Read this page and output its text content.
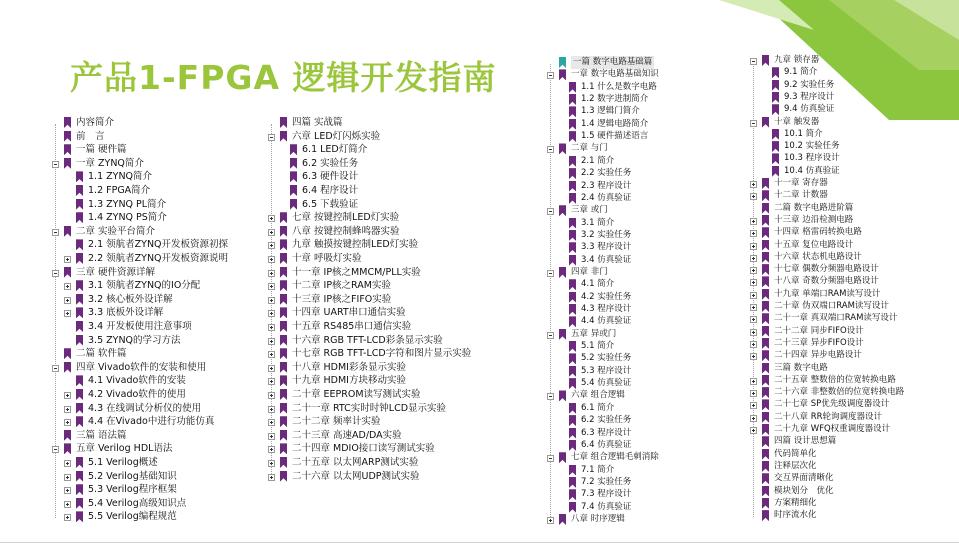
产品1-FPGA 逻辑开发指南
内容简介
前　言
一篇 硬件篇
一章 ZYNQ简介
1.1 ZYNQ简介
1.2 FPGA简介
1.3 ZYNQ PL简介
1.4 ZYNQ PS简介
二章 实验平台简介
2.1 领航者ZYNQ开发板资源初探
2.2 领航者ZYNQ开发板资源说明
三章 硬件资源详解
3.1 领航者ZYNQ的IO分配
3.2 核心板外设详解
3.3 底板外设详解
3.4 开发板使用注意事项
3.5 ZYNQ的学习方法
二篇 软件篇
四章 Vivado软件的安装和使用
4.1 Vivado软件的安装
4.2 Vivado软件的使用
4.3 在线调试分析仪的使用
4.4 在Vivado中进行功能仿真
三篇 语法篇
五章 Verilog HDL语法
5.1 Verilog概述
5.2 Verilog基础知识
5.3 Verilog程序框架
5.4 Verilog高级知识点
5.5 Verilog编程规范
四篇 实战篇
六章 LED灯闪烁实验
6.1 LED灯简介
6.2 实验任务
6.3 硬件设计
6.4 程序设计
6.5 下载验证
七章 按键控制LED灯实验
八章 按键控制蜂鸣器实验
九章 触摸按键控制LED灯实验
十章 呼吸灯实验
十一章 IP核之MMCM/PLL实验
十二章 IP核之RAM实验
十三章 IP核之FIFO实验
十四章 UART串口通信实验
十五章 RS485串口通信实验
十六章 RGB TFT-LCD彩条显示实验
十七章 RGB TFT-LCD字符和图片显示实验
十八章 HDMI彩条显示实验
十九章 HDMI方块移动实验
二十章 EEPROM读写测试实验
二十一章 RTC实时时钟LCD显示实验
二十二章 频率计实验
二十三章 高速AD/DA实验
二十四章 MDIO接口读写测试实验
二十五章 以太网ARP测试实验
二十六章 以太网UDP测试实验
一篇 数字电路基础篇
一章 数字电路基础知识
1.1 什么是数字电路
1.2 数字进制简介
1.3 逻辑门简介
1.4 逻辑电路简介
1.5 硬件描述语言
二章 与门
2.1 简介
2.2 实验任务
2.3 程序设计
2.4 仿真验证
三章 或门
3.1 简介
3.2 实验任务
3.3 程序设计
3.4 仿真验证
四章 非门
4.1 简介
4.2 实验任务
4.3 程序设计
4.4 仿真验证
五章 异或门
5.1 简介
5.2 实验任务
5.3 程序设计
5.4 仿真验证
六章 组合逻辑
6.1 简介
6.2 实验任务
6.3 程序设计
6.4 仿真验证
七章 组合逻辑毛刺消除
7.1 简介
7.2 实验任务
7.3 程序设计
7.4 仿真验证
八章 时序逻辑
九章 锁存器
9.1 简介
9.2 实验任务
9.3 程序设计
9.4 仿真验证
十章 触发器
10.1 简介
10.2 实验任务
10.3 程序设计
10.4 仿真验证
十一章 寄存器
十二章 计数器
二篇 数字电路进阶篇
十三章 边沿检测电路
十四章 格雷码转换电路
十五章 复位电路设计
十六章 状态机电路设计
十七章 偶数分频器电路设计
十八章 奇数分频器电路设计
十九章 单端口RAM读写设计
二十章 伪双端口RAM读写设计
二十一章 真双端口RAM读写设计
二十二章 同步FIFO设计
二十三章 异步FIFO设计
二十四章 异步电路设计
三篇 数字电路
二十五章 整数倍的位宽转换电路
二十六章 非整数倍的位宽转换电路
二十七章 SP优先级调度器设计
二十八章 RR轮询调度器设计
二十九章 WFQ权重调度器设计
四篇 设计思想篇
代码简单化
注释层次化
交互界面清晰化
模块划分　优化
方案精细化
时序流水化
